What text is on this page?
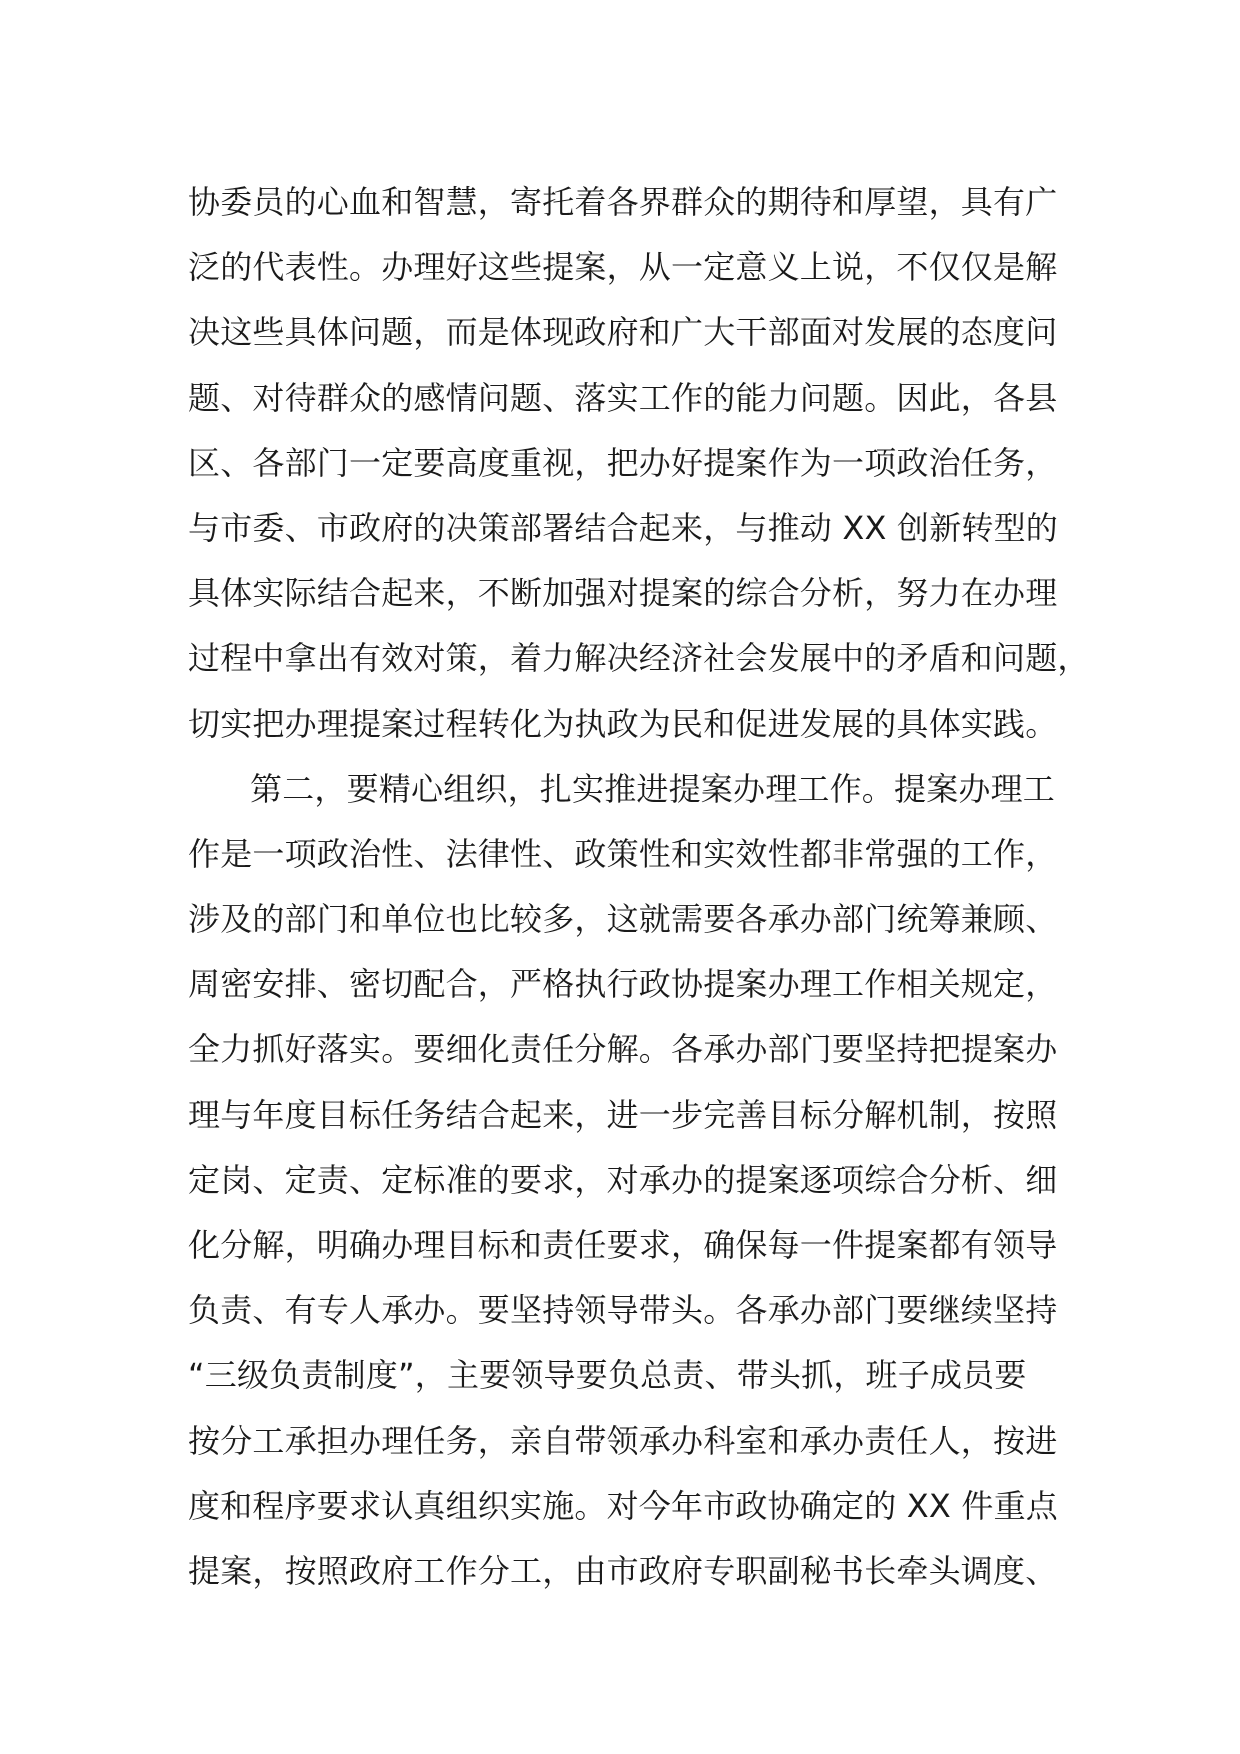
协委员的心血和智慧，寄托着各界群众的期待和厚望，具有广
泛的代表性。办理好这些提案，从一定意义上说，不仅仅是解
决这些具体问题，而是体现政府和广大干部面对发展的态度问
题、对待群众的感情问题、落实工作的能力问题。因此，各县
区、各部门一定要高度重视，把办好提案作为一项政治任务，
与市委、市政府的决策部署结合起来，与推动 XX 创新转型的
具体实际结合起来，不断加强对提案的综合分析，努力在办理
过程中拿出有效对策，着力解决经济社会发展中的矛盾和问题，
切实把办理提案过程转化为执政为民和促进发展的具体实践。
第二，要精心组织，扎实推进提案办理工作。提案办理工
作是一项政治性、法律性、政策性和实效性都非常强的工作，
涉及的部门和单位也比较多，这就需要各承办部门统筹兼顾、
周密安排、密切配合，严格执行政协提案办理工作相关规定，
全力抓好落实。要细化责任分解。各承办部门要坚持把提案办
理与年度目标任务结合起来，进一步完善目标分解机制，按照
定岗、定责、定标准的要求，对承办的提案逐项综合分析、细
化分解，明确办理目标和责任要求，确保每一件提案都有领导
负责、有专人承办。要坚持领导带头。各承办部门要继续坚持
“三级负责制度”，主要领导要负总责、带头抓，班子成员要
按分工承担办理任务，亲自带领承办科室和承办责任人，按进
度和程序要求认真组织实施。对今年市政协确定的 XX 件重点
提案，按照政府工作分工，由市政府专职副秘书长牵头调度、
